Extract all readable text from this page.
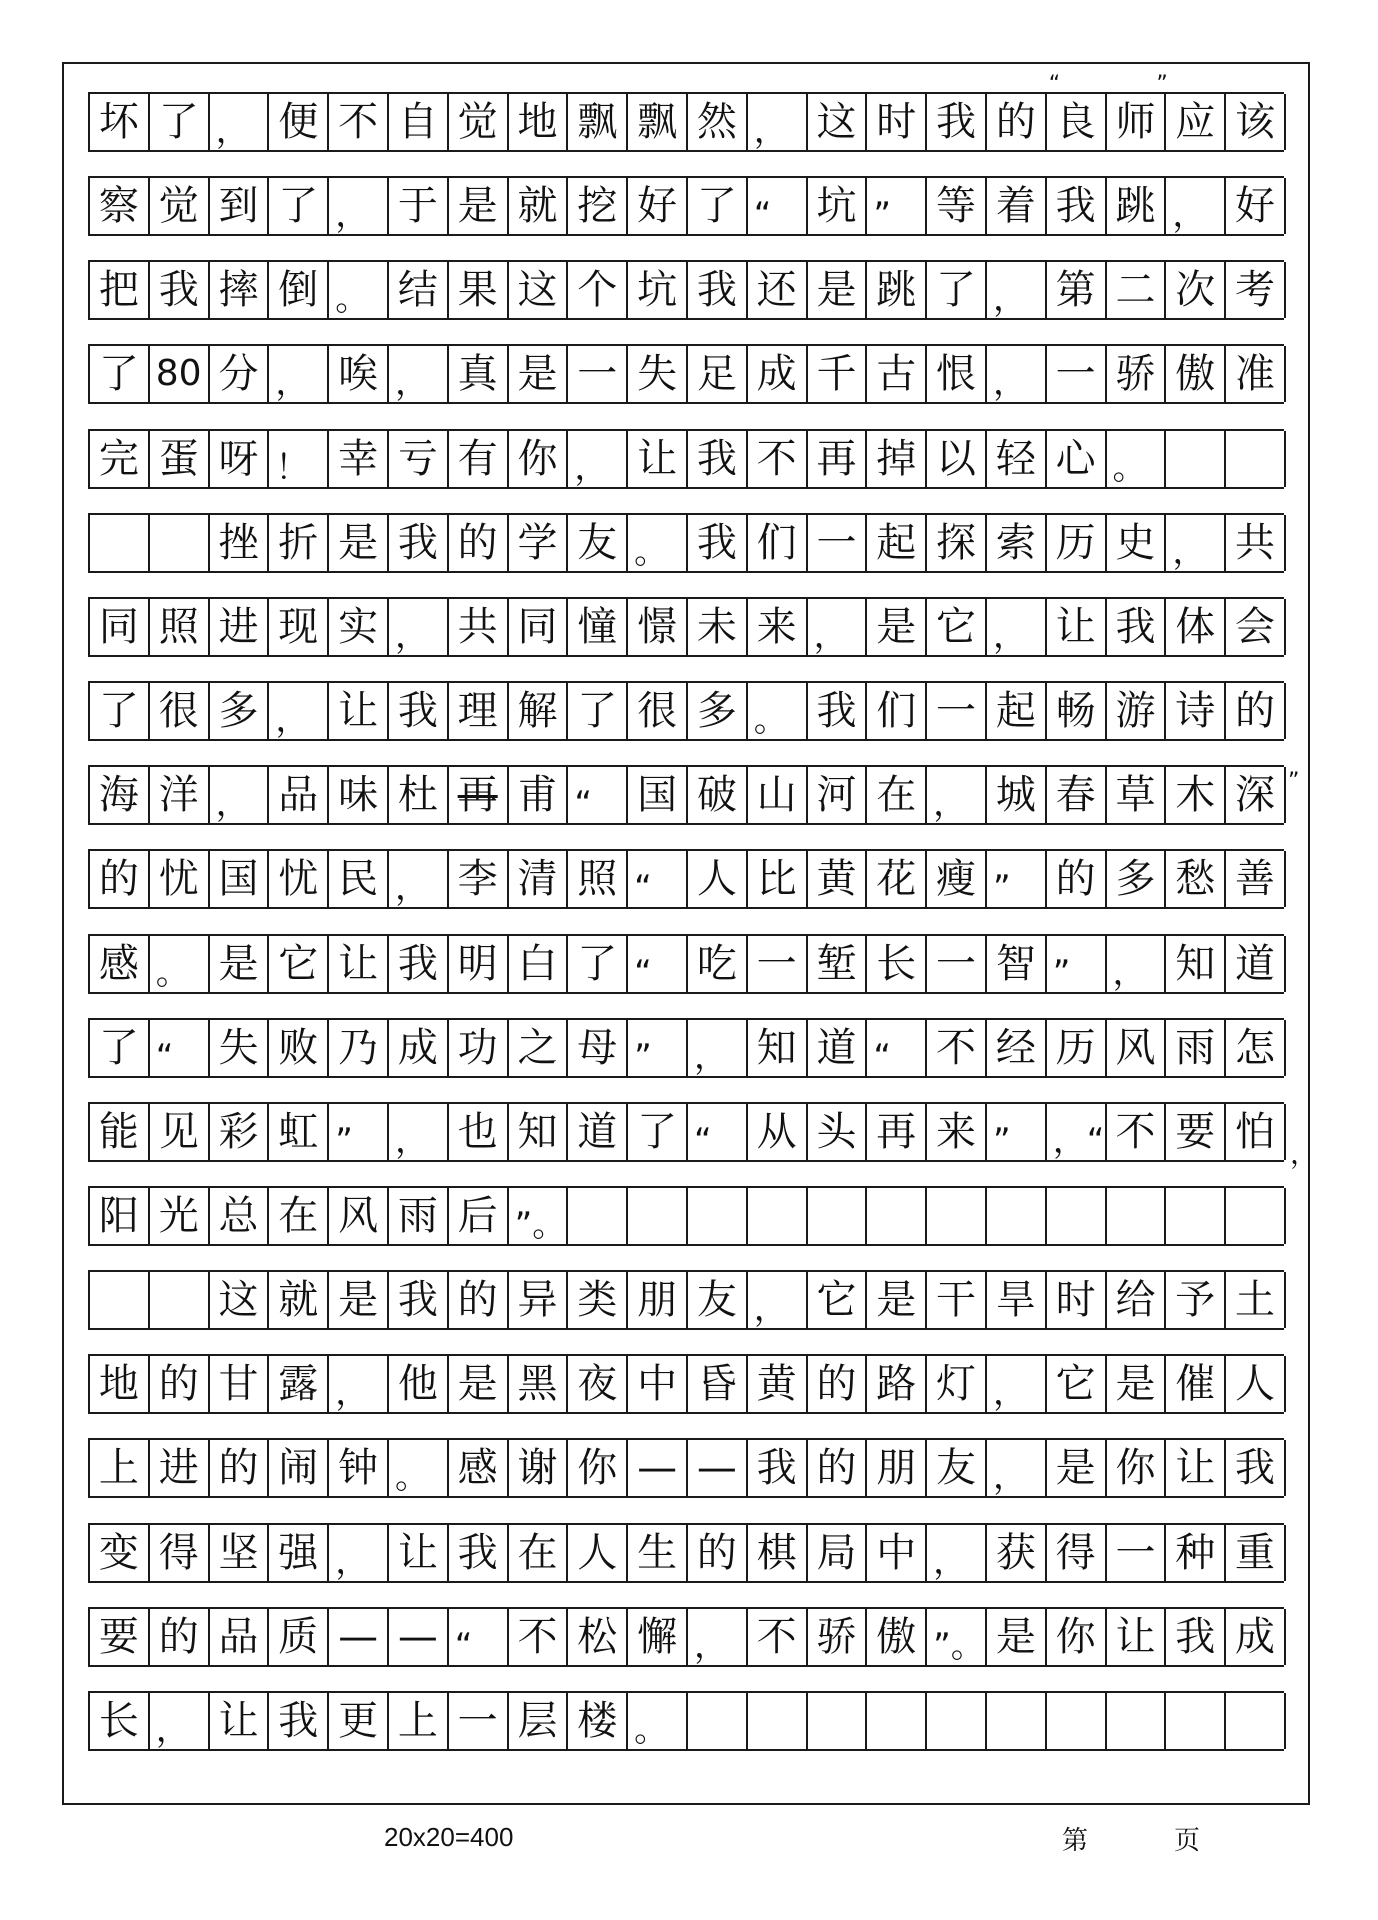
坏 了 ， 便 不 自 觉 地 飘 飘 然 ， 这 时 我 的 良 师 应 该
“	”
察 觉 到 了 ， 于 是 就 挖 好 了 “	坑 ”	等 着 我 跳 ， 好
把 我 摔 倒 。 结 果 这 个 坑 我 还 是 跳 了 ， 第 二 次 考
了 80 分 ， 唉 ， 真 是 一 失 足 成 千 古 恨 ， 一 骄 傲 准
完 蛋 呀 ！ 幸 亏 有 你 ， 让 我 不 再 掉 以 轻 心 。
挫 折 是 我 的 学 友 。 我 们 一 起 探 索 历 史 ， 共
同 照 进 现 实 ， 共 同 憧 憬 未 来 ， 是 它 ， 让 我 体 会
了 很 多 ， 让 我 理 解 了 很 多 。 我 们 一 起 畅 游 诗 的
海 洋 ， 品 味 杜 再 甫 “	国 破 山 河 在 ， 城 春 草 木 深 ”
的 忧 国 忧 民 ， 李 清 照 “	人 比 黄 花 瘦 ”	的 多 愁 善
感 。 是 它 让 我 明 白 了 “	吃 一 堑 长 一 智 ”	， 知 道
了 “	失 败 乃 成 功 之 母 ”	， 知 道 “	不 经 历 风 雨 怎
能 见 彩 虹 ”	， 也 知 道 了 “	从 头 再 来 ”	，“ 不 要 怕 ，
阳 光 总 在 风 雨 后 ”。
这 就 是 我 的 异 类 朋 友 ， 它 是 干 旱 时 给 予 土
地 的 甘 露 ， 他 是 黑 夜 中 昏 黄 的 路 灯 ， 它 是 催 人
上 进 的 闹 钟 。 感 谢 你 — — 我 的 朋 友 ， 是 你 让 我
变 得 坚 强 ， 让 我 在 人 生 的 棋 局 中 ， 获 得 一 种 重
要 的 品 质 — — “	不 松 懈 ， 不 骄 傲 ”。 是 你 让 我 成
长 ， 让 我 更 上 一 层 楼 。
20x20=400	第	页
